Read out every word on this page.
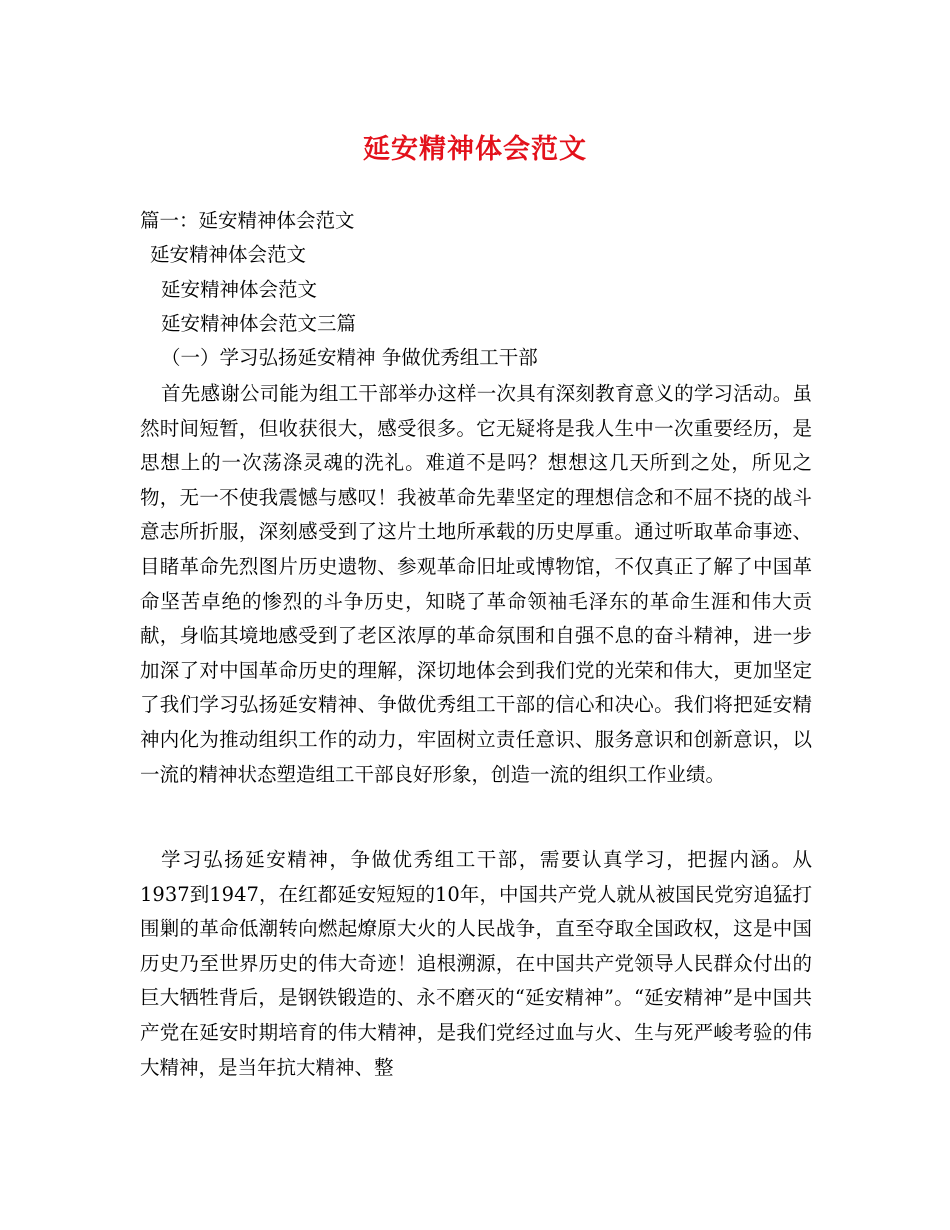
延安精神体会范文
篇一：延安精神体会范文
延安精神体会范文
延安精神体会范文
延安精神体会范文三篇
（一）学习弘扬延安精神 争做优秀组工干部

首先感谢公司能为组工干部举办这样一次具有深刻教育意义的学习活动。虽然时间短暂，但收获很大，感受很多。它无疑将是我人生中一次重要经历，是思想上的一次荡涤灵魂的洗礼。难道不是吗？想想这几天所到之处，所见之物，无一不使我震憾与感叹！我被革命先辈坚定的理想信念和不屈不挠的战斗意志所折服，深刻感受到了这片土地所承载的历史厚重。通过听取革命事迹、目睹革命先烈图片历史遗物、参观革命旧址或博物馆，不仅真正了解了中国革命坚苦卓绝的惨烈的斗争历史，知晓了革命领袖毛泽东的革命生涯和伟大贡献，身临其境地感受到了老区浓厚的革命氛围和自强不息的奋斗精神，进一步加深了对中国革命历史的理解，深切地体会到我们党的光荣和伟大，更加坚定了我们学习弘扬延安精神、争做优秀组工干部的信心和决心。我们将把延安精神内化为推动组织工作的动力，牢固树立责任意识、服务意识和创新意识，以一流的精神状态塑造组工干部良好形象，创造一流的组织工作业绩。

学习弘扬延安精神，争做优秀组工干部，需要认真学习，把握内涵。从1937到1947，在红都延安短短的10年，中国共产党人就从被国民党穷追猛打围剿的革命低潮转向燃起燎原大火的人民战争，直至夺取全国政权，这是中国历史乃至世界历史的伟大奇迹！追根溯源，在中国共产党领导人民群众付出的巨大牺牲背后，是钢铁锻造的、永不磨灭的“延安精神”。“延安精神”是中国共产党在延安时期培育的伟大精神，是我们党经过血与火、生与死严峻考验的伟大精神，是当年抗大精神、整
